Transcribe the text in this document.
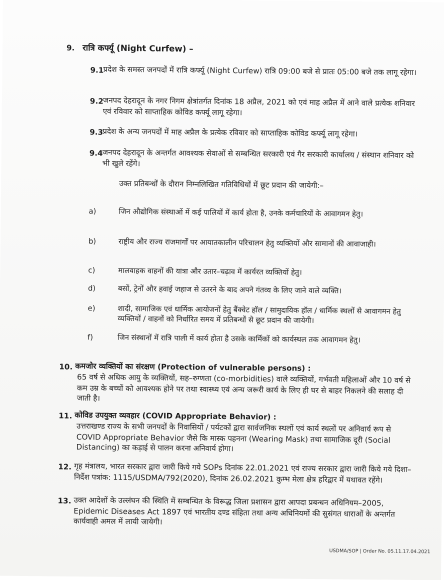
9. रात्रि कर्फ्यू (Night Curfew) –
9.1 प्रदेश के समस्त जनपदों में रात्रि कर्फ्यू (Night Curfew) रात्रि 09:00 बजे से प्रातः 05:00 बजे तक लागू रहेगा।
9.2 जनपद देहरादून के नगर निगम क्षेत्रांतर्गत दिनांक 18 अप्रैल, 2021 को एवं माह अप्रैल में आने वाले प्रत्येक शनिवार एवं रविवार को साप्ताहिक कोविड कर्फ्यू लागू रहेगा।
9.3 प्रदेश के अन्य जनपदों में माह अप्रैल के प्रत्येक रविवार को साप्ताहिक कोविड कर्फ्यू लागू रहेगा।
9.4 जनपद देहरादून के अन्तर्गत आवश्यक सेवाओं से सम्बन्धित सरकारी एवं गैर सरकारी कार्यालय / संस्थान शनिवार को भी खुले रहेंगे।
उक्त प्रतिबन्धों के दौरान निम्नलिखित गतिविधियों में छूट प्रदान की जायेगी:–
a)	जिन औद्योगिक संस्थाओं में कई पालियों में कार्य होता है, उनके कर्मचारियों के आवागमन हेतु।
b)	राष्ट्रीय और राज्य राजमार्गों पर आयातकालीन परिचालन हेतु व्यक्तियों और सामानों की आवाजाही।
c)	मालवाहक वाहनों की यात्रा और उतार–चढ़ाव में कार्यरत व्यक्तियों हेतु।
d)	बसों, ट्रेनों और हवाई जहाज से उतरने के बाद अपने गंतव्य के लिए जाने वाले व्यक्ति।
e)	शादी, सामाजिक एवं धार्मिक आयोजनों हेतु बैंक्वेट हॉल / सामुदायिक हॉल / धार्मिक स्थलों से आवागमन हेतु व्यक्तियों / वाहनों को निर्धारित समय में प्रतिबन्धों से छूट प्रदान की जायेगी।
f)	जिन संस्थानों में रात्रि पाली में कार्य होता है उसके कार्मिकों को कार्यस्थल तक आवागमन हेतु।
10. कमजोर व्यक्तियों का संरक्षण (Protection of vulnerable persons) :
65 वर्ष से अधिक आयु के व्यक्तियों, सह–रुग्णता (co-morbidities) वाले व्यक्तियों, गर्भवती महिलाओं और 10 वर्ष से कम उम्र के बच्चों को आवश्यक होने पर तथा स्वास्थ्य एवं अन्य जरूरी कार्य के लिए ही घर से बाहर निकलने की सलाह दी जाती है।
11. कोविड उपयुक्त व्यवहार (COVID Appropriate Behavior) :
उत्तराखण्ड राज्य के सभी जनपदों के निवासियों / पर्यटकों द्वारा सार्वजनिक स्थलों एवं कार्य स्थलों पर अनिवार्य रूप से COVID Appropriate Behavior जैसे कि मास्क पहनना (Wearing Mask) तथा सामाजिक दूरी (Social Distancing) का कड़ाई से पालन करना अनिवार्य होगा।
12. गृह मंत्रालय, भारत सरकार द्वारा जारी किये गये SOPs दिनांक 22.01.2021 एवं राज्य सरकार द्वारा जारी किये गये दिशा–निर्देश पत्रांक: 1115/USDMA/792(2020), दिनांक 26.02.2021 कुम्भ मेला क्षेत्र हरिद्वार में यथावत रहेंगे।
13. उक्त आदेशों के उल्लंघन की स्थिति में सम्बन्धित के विरूद्ध जिला प्रशासन द्वारा आपदा प्रबन्धन अधिनियम–2005, Epidemic Diseases Act 1897 एवं भारतीय दण्ड संहिता तथा अन्य अधिनियमों की सुसंगत धाराओं के अन्तर्गत कार्यवाही अमल में लायी जायेगी।
USDMA/SOP | Order No. 05.11.17.04.2021
